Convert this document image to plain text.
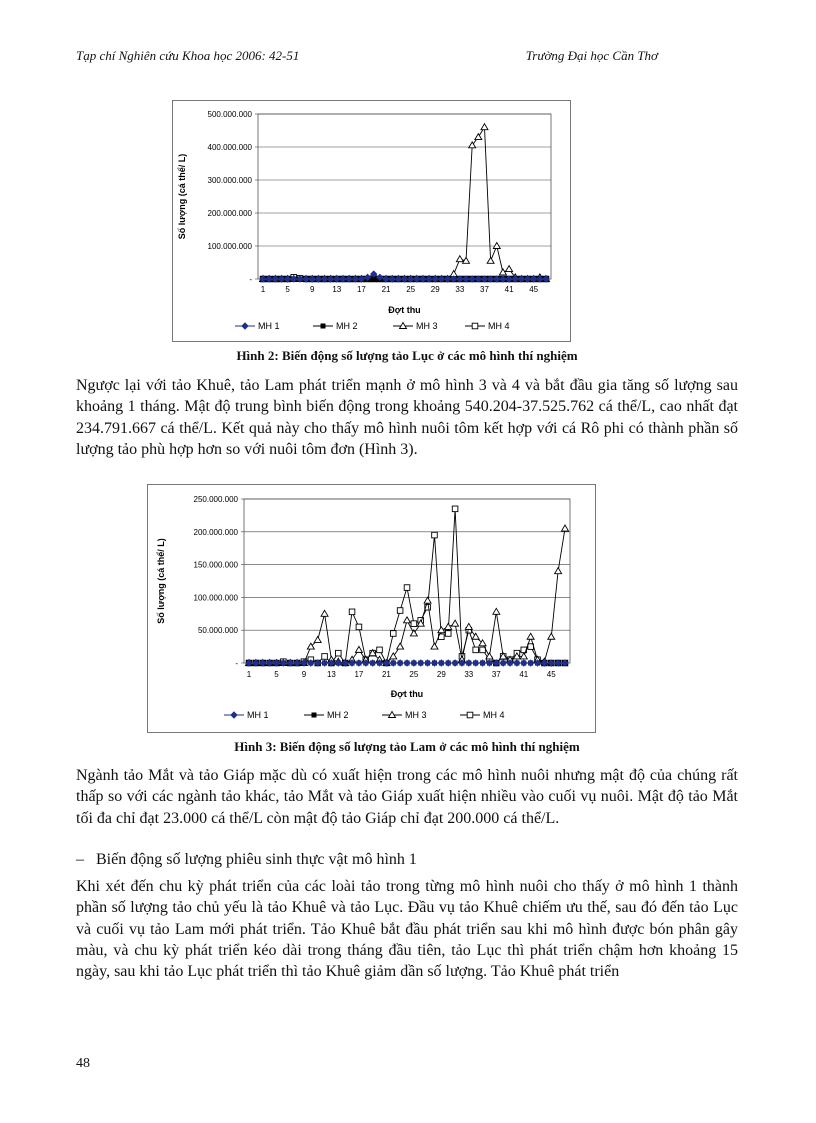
Tạp chí Nghiên cứu Khoa học 2006: 42-51	Trường Đại học Cần Thơ
-
100.000.000
200.000.000
300.000.000
400.000.000
500.000.000
1	5	9 13 17 21 25 29 33 37 41 45
Đợt thu
Số lượng (cá thể/ L)
MH 1	MH 2	MH 3	MH 4
Hình 2: Biến động số lượng tảo Lục ở các mô hình thí nghiệm

Ngược lại với tảo Khuê, tảo Lam phát triển mạnh ở mô hình 3 và 4 và bắt đầu gia tăng số lượng sau khoảng 1 tháng. Mật độ trung bình biến động trong khoảng 540.204-37.525.762 cá thể/L, cao nhất đạt 234.791.667 cá thể/L. Kết quả này cho thấy mô hình nuôi tôm kết hợp với cá Rô phi có thành phần số lượng tảo phù hợp hơn so với nuôi tôm đơn (Hình 3).

-
50.000.000
100.000.000
150.000.000
200.000.000
250.000.000
1	5	9	13 17 21 25 29 33 37 41 45
Đợt thu
Số lượng (cá thể/ L)
MH 1	MH 2	MH 3	MH 4
Hình 3: Biến động số lượng tảo Lam ở các mô hình thí nghiệm

Ngành tảo Mắt và tảo Giáp mặc dù có xuất hiện trong các mô hình nuôi nhưng mật độ của chúng rất thấp so với các ngành tảo khác, tảo Mắt và tảo Giáp xuất hiện nhiều vào cuối vụ nuôi. Mật độ tảo Mắt tối đa chỉ đạt 23.000 cá thể/L còn mật độ tảo Giáp chỉ đạt 200.000 cá thể/L.

–   Biến động số lượng phiêu sinh thực vật mô hình 1

Khi xét đến chu kỳ phát triển của các loài tảo trong từng mô hình nuôi cho thấy ở mô hình 1 thành phần số lượng tảo chủ yếu là tảo Khuê và tảo Lục. Đầu vụ tảo Khuê chiếm ưu thế, sau đó đến tảo Lục và cuối vụ tảo Lam mới phát triển. Tảo Khuê bắt đầu phát triển sau khi mô hình được bón phân gây màu, và chu kỳ phát triển kéo dài trong tháng đầu tiên, tảo Lục thì phát triển chậm hơn khoảng 15 ngày, sau khi tảo Lục phát triển thì tảo Khuê giảm dần số lượng. Tảo Khuê phát triển

48
